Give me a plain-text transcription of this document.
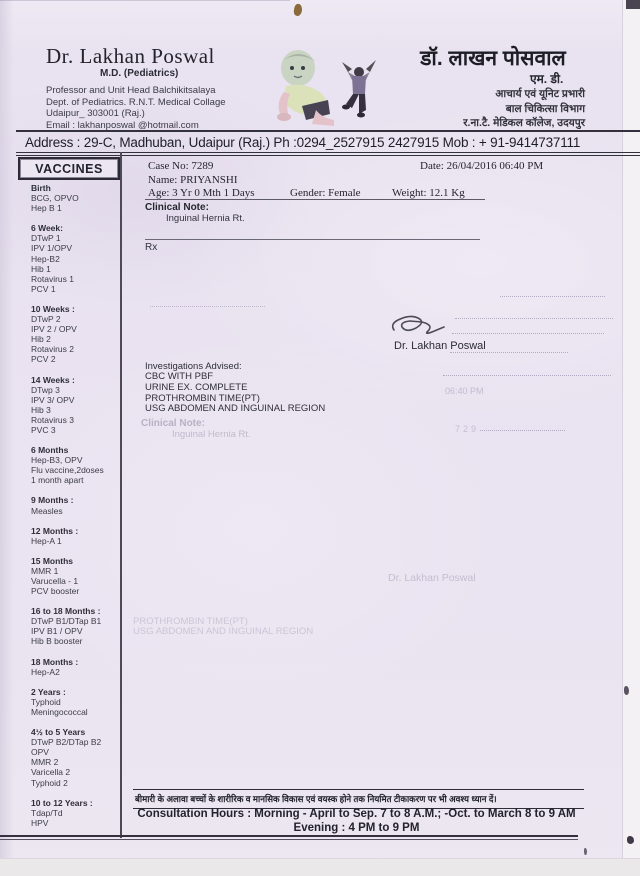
Dr. Lakhan Poswal
M.D. (Pediatrics)
Professor and Unit Head Balchikitsalaya
Dept. of Pediatrics. R.N.T. Medical Collage
Udaipur_ 303001 (Raj.)
Email : lakhanposwal @hotmail.com
डॉ. लाखन पोसवाल
एम. डी.
आचार्य एवं यूनिट प्रभारी
बाल चिकित्सा विभाग
र.ना.टै. मेडिकल कॉलेज, उदयपुर
Address : 29-C, Madhuban, Udaipur (Raj.) Ph :0294_2527915 2427915 Mob : + 91-9414737111
VACCINES
Birth
BCG, OPVO
Hep B 1
6 Week:
DTwP 1
IPV 1/OPV
Hep-B2
Hib 1
Rotavirus 1
PCV 1
10 Weeks :
DTwP 2
IPV 2 / OPV
Hib 2
Rotavirus 2
PCV 2
14 Weeks :
DTwp 3
IPV 3/ OPV
Hib 3
Rotavirus 3
PVC 3
6 Months
Hep-B3, OPV
Flu vaccine,2doses
1 month apart
9 Months :
Measles
12 Months :
Hep-A 1
15 Months
MMR 1
Varucella - 1
PCV booster
16 to 18 Months :
DTwP B1/DTap B1
IPV B1 / OPV
Hib B booster
18 Months :
Hep-A2
2 Years :
Typhoid
Meningococcal
4½ to 5 Years
DTwP B2/DTap B2
OPV
MMR 2
Varicella 2
Typhoid 2
10 to 12 Years :
Tdap/Td
HPV
Case No: 7289	Date: 26/04/2016 06:40 PM
Name: PRIYANSHI
Age: 3 Yr 0 Mth 1 Days	Gender: Female	Weight: 12.1 Kg
Clinical Note:
Inguinal Hernia Rt.
Rx
Dr. Lakhan Poswal
Investigations Advised:
CBC WITH PBF
URINE EX. COMPLETE
PROTHROMBIN TIME(PT)
USG ABDOMEN AND INGUINAL REGION
Clinical Note:
Inguinal Hernia Rt.
PROTHROMBIN TIME(PT)
USG ABDOMEN AND INGUINAL REGION
Dr. Lakhan Poswal
06:40 PM
729
बीमारी के अलावा बच्चों के शारीरिक व मानसिक विकास एवं वयस्क होने तक नियमित टीकाकरण पर भी अवश्य ध्यान दें।
Consultation Hours : Morning - April to Sep. 7 to 8 A.M.; -Oct. to March 8 to 9 AM
Evening : 4 PM to 9 PM
